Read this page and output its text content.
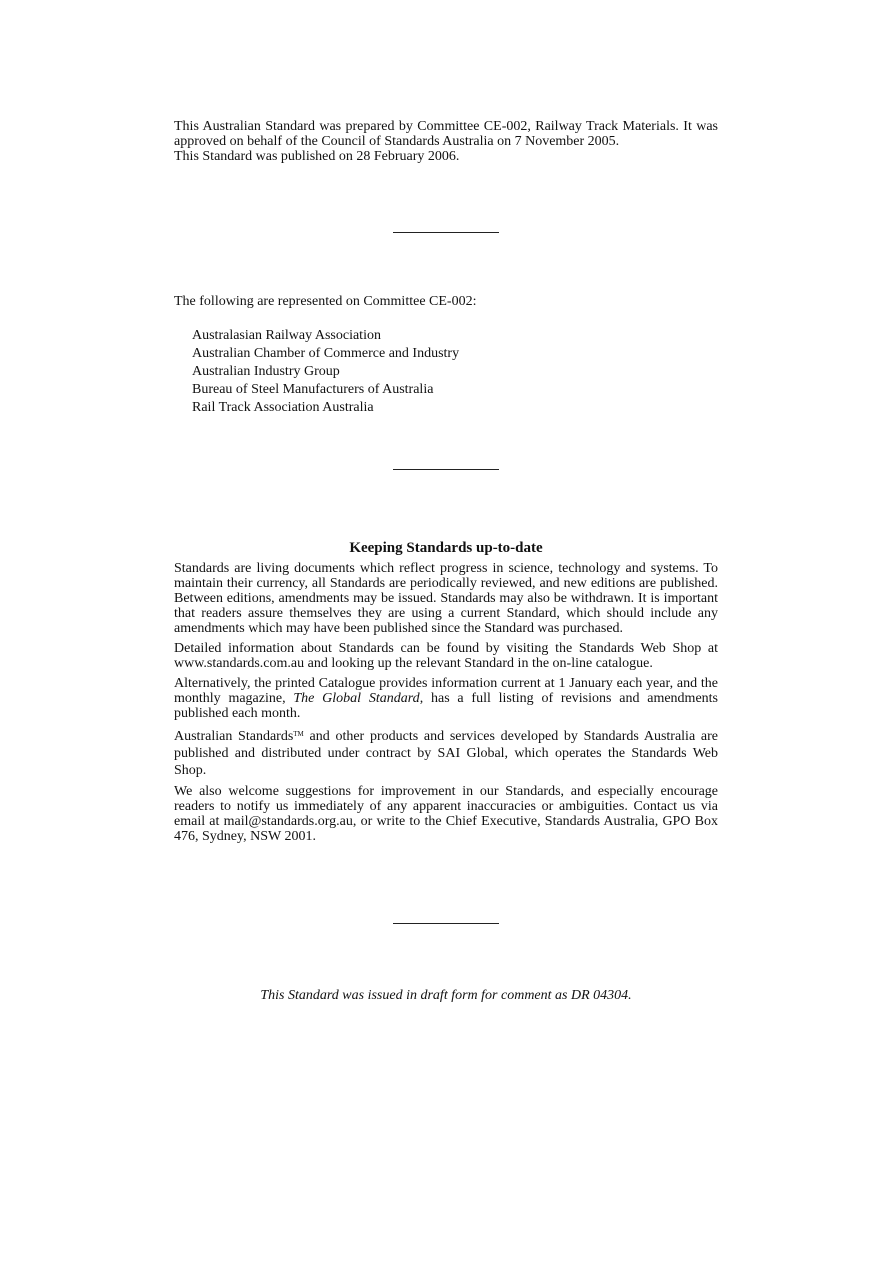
This Australian Standard was prepared by Committee CE-002, Railway Track Materials. It was approved on behalf of the Council of Standards Australia on 7 November 2005.

This Standard was published on 28 February 2006.

The following are represented on Committee CE-002:

Australasian Railway Association
Australian Chamber of Commerce and Industry
Australian Industry Group
Bureau of Steel Manufacturers of Australia
Rail Track Association Australia
Keeping Standards up-to-date

Standards are living documents which reflect progress in science, technology and systems. To maintain their currency, all Standards are periodically reviewed, and new editions are published. Between editions, amendments may be issued. Standards may also be withdrawn. It is important that readers assure themselves they are using a current Standard, which should include any amendments which may have been published since the Standard was purchased.

Detailed information about Standards can be found by visiting the Standards Web Shop at www.standards.com.au and looking up the relevant Standard in the on-line catalogue.

Alternatively, the printed Catalogue provides information current at 1 January each year, and the monthly magazine, The Global Standard, has a full listing of revisions and amendments published each month.

Australian Standards™ and other products and services developed by Standards Australia are published and distributed under contract by SAI Global, which operates the Standards Web Shop.

We also welcome suggestions for improvement in our Standards, and especially encourage readers to notify us immediately of any apparent inaccuracies or ambiguities. Contact us via email at mail@standards.org.au, or write to the Chief Executive, Standards Australia, GPO Box 476, Sydney, NSW 2001.

This Standard was issued in draft form for comment as DR 04304.
